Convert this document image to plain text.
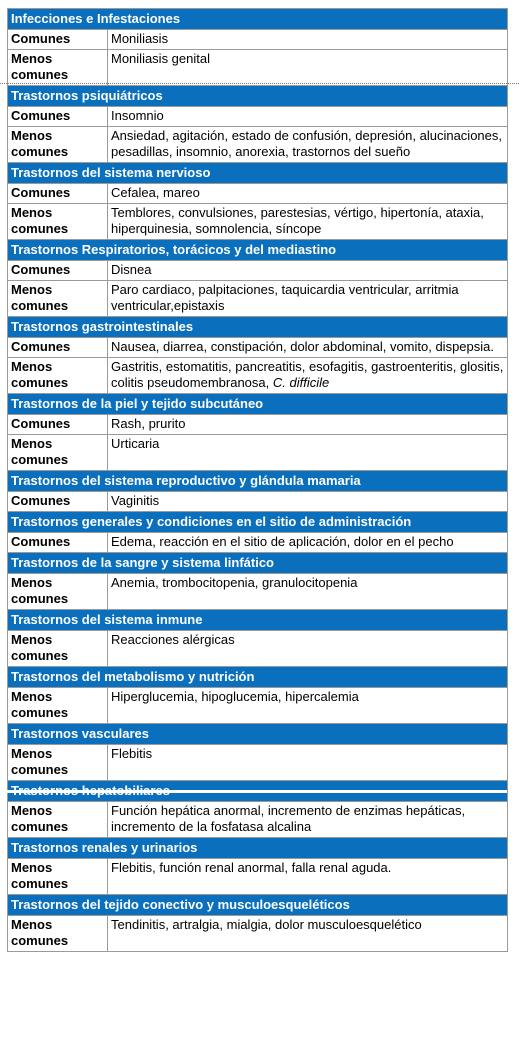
Infecciones e Infestaciones	
Comunes	Moniliasis
Menos comunes	Moniliasis genital
Trastornos psiquiátricos	
Comunes	Insomnio
Menos comunes	Ansiedad, agitación, estado de confusión, depresión, alucinaciones, pesadillas, insomnio, anorexia, trastornos del sueño
Trastornos del sistema nervioso	
Comunes	Cefalea, mareo
Menos comunes	Temblores, convulsiones, parestesias, vértigo, hipertonía, ataxia, hiperquinesia, somnolencia, síncope
Trastornos Respiratorios, torácicos y del mediastino	
Comunes	Disnea
Menos comunes	Paro cardiaco, palpitaciones, taquicardia ventricular, arritmia ventricular,epistaxis
Trastornos gastrointestinales	
Comunes	Nausea, diarrea, constipación, dolor abdominal, vomito, dispepsia.
Menos comunes	Gastritis, estomatitis, pancreatitis, esofagitis, gastroenteritis, glositis, colitis pseudomembranosa, C. difficile
Trastornos de la piel y tejido subcutáneo	
Comunes	Rash, prurito
Menos comunes	Urticaria
Trastornos del sistema reproductivo y glándula mamaria	
Comunes	Vaginitis
Trastornos generales y condiciones en el sitio de administración	
Comunes	Edema, reacción en el sitio de aplicación, dolor en el pecho
Trastornos de la sangre y sistema linfático	
Menos comunes	Anemia, trombocitopenia, granulocitopenia
Trastornos del sistema inmune	
Menos comunes	Reacciones alérgicas
Trastornos del metabolismo y nutrición	
Menos comunes	Hiperglucemia, hipoglucemia, hipercalemia
Trastornos vasculares	
Menos comunes	Flebitis

Menos comunes	Función hepática anormal, incremento de enzimas hepáticas, incremento de la fosfatasa alcalina
Trastornos renales y urinarios	
Menos comunes	Flebitis, función renal anormal, falla renal aguda.
Trastornos del tejido conectivo y musculoesqueléticos	
Menos comunes	Tendinitis, artralgia, mialgia, dolor musculoesquelético
